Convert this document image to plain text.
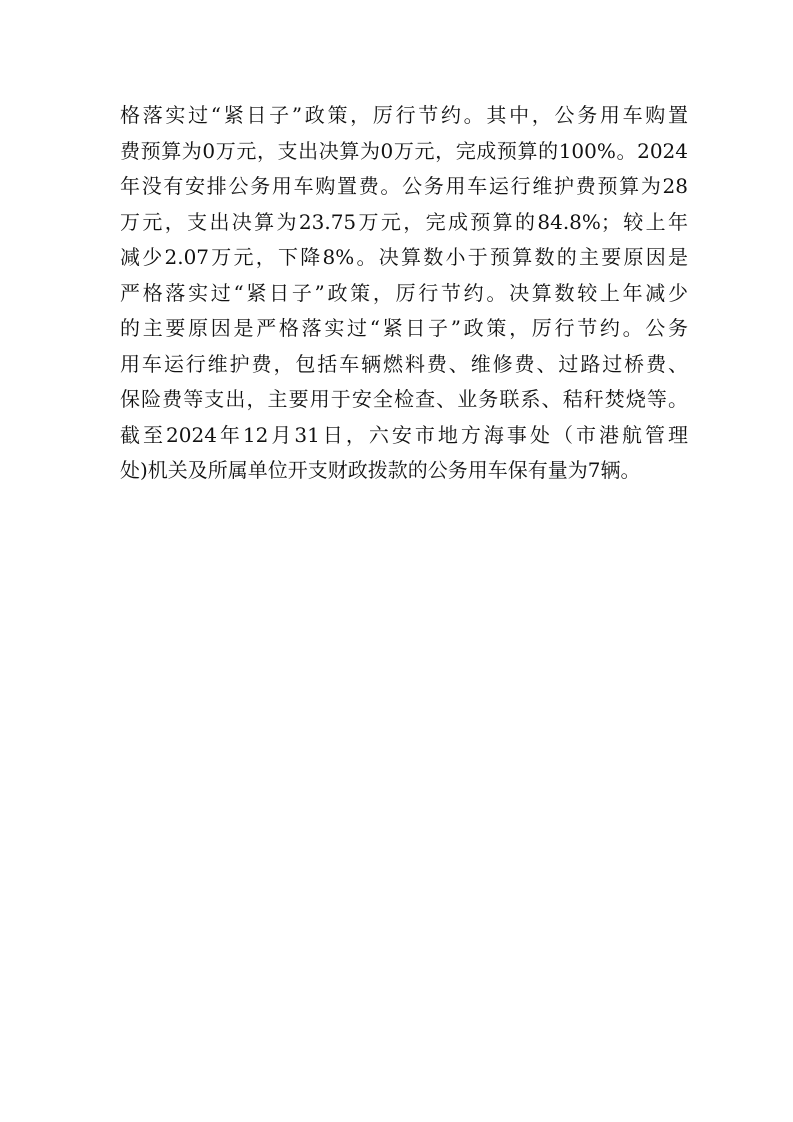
格落实过“紧日子”政策，厉行节约。其中，公务用车购置
费预算为0万元，支出决算为0万元，完成预算的100%。2024
年没有安排公务用车购置费。公务用车运行维护费预算为28
万元，支出决算为23.75万元，完成预算的84.8%；较上年
减少2.07万元，下降8%。决算数小于预算数的主要原因是
严格落实过“紧日子”政策，厉行节约。决算数较上年减少
的主要原因是严格落实过“紧日子”政策，厉行节约。公务
用车运行维护费，包括车辆燃料费、维修费、过路过桥费、
保险费等支出，主要用于安全检查、业务联系、秸秆焚烧等。
截至2024年12月31日，六安市地方海事处（市港航管理
处)机关及所属单位开支财政拨款的公务用车保有量为7辆。
